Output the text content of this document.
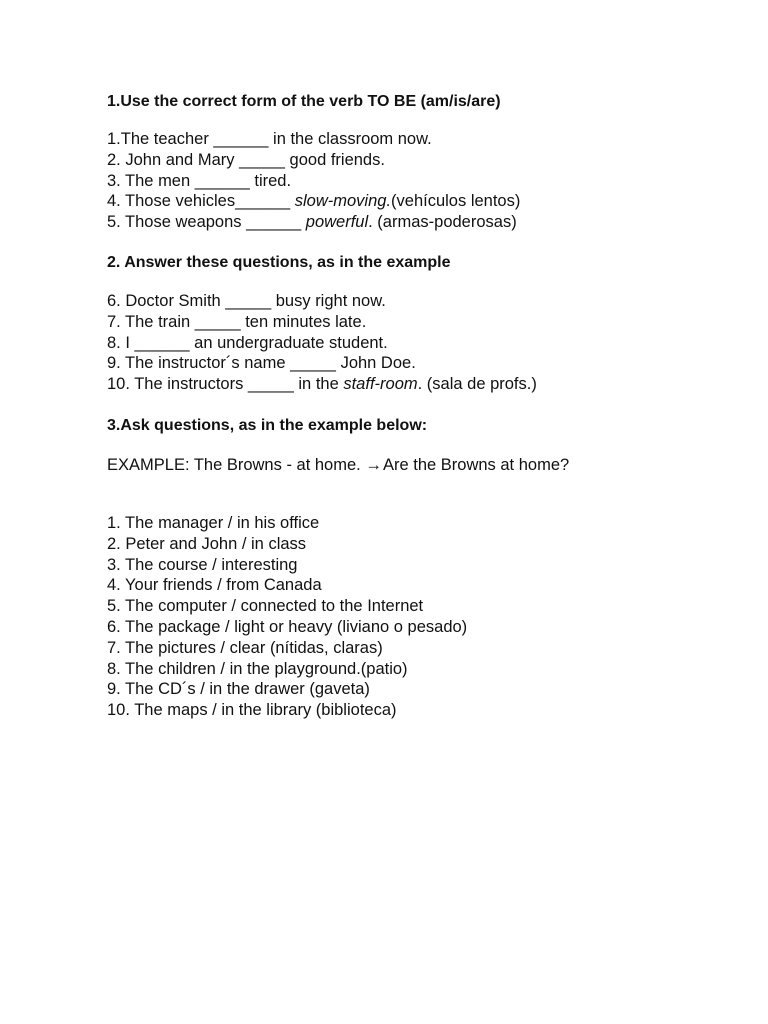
1.Use the correct form of the verb TO BE (am/is/are)

1.The teacher ______ in the classroom now.
2. John and Mary _____ good friends.
3. The men ______ tired.
4. Those vehicles______ slow-moving.(vehículos lentos)
5. Those weapons ______ powerful. (armas-poderosas)

2. Answer these questions, as in the example

6. Doctor Smith _____ busy right now.
7. The train _____ ten minutes late.
8. I ______ an undergraduate student.
9. The instructor´s name _____ John Doe.
10. The instructors _____ in the staff-room. (sala de profs.)

3.Ask questions, as in the example below:

EXAMPLE: The Browns - at home. → Are the Browns at home?

1. The manager / in his office
2. Peter and John / in class
3. The course / interesting
4. Your friends / from Canada
5. The computer / connected to the Internet
6. The package / light or heavy (liviano o pesado)
7. The pictures / clear (nítidas, claras)
8. The children / in the playground.(patio)
9. The CD´s / in the drawer (gaveta)
10. The maps / in the library (biblioteca)
